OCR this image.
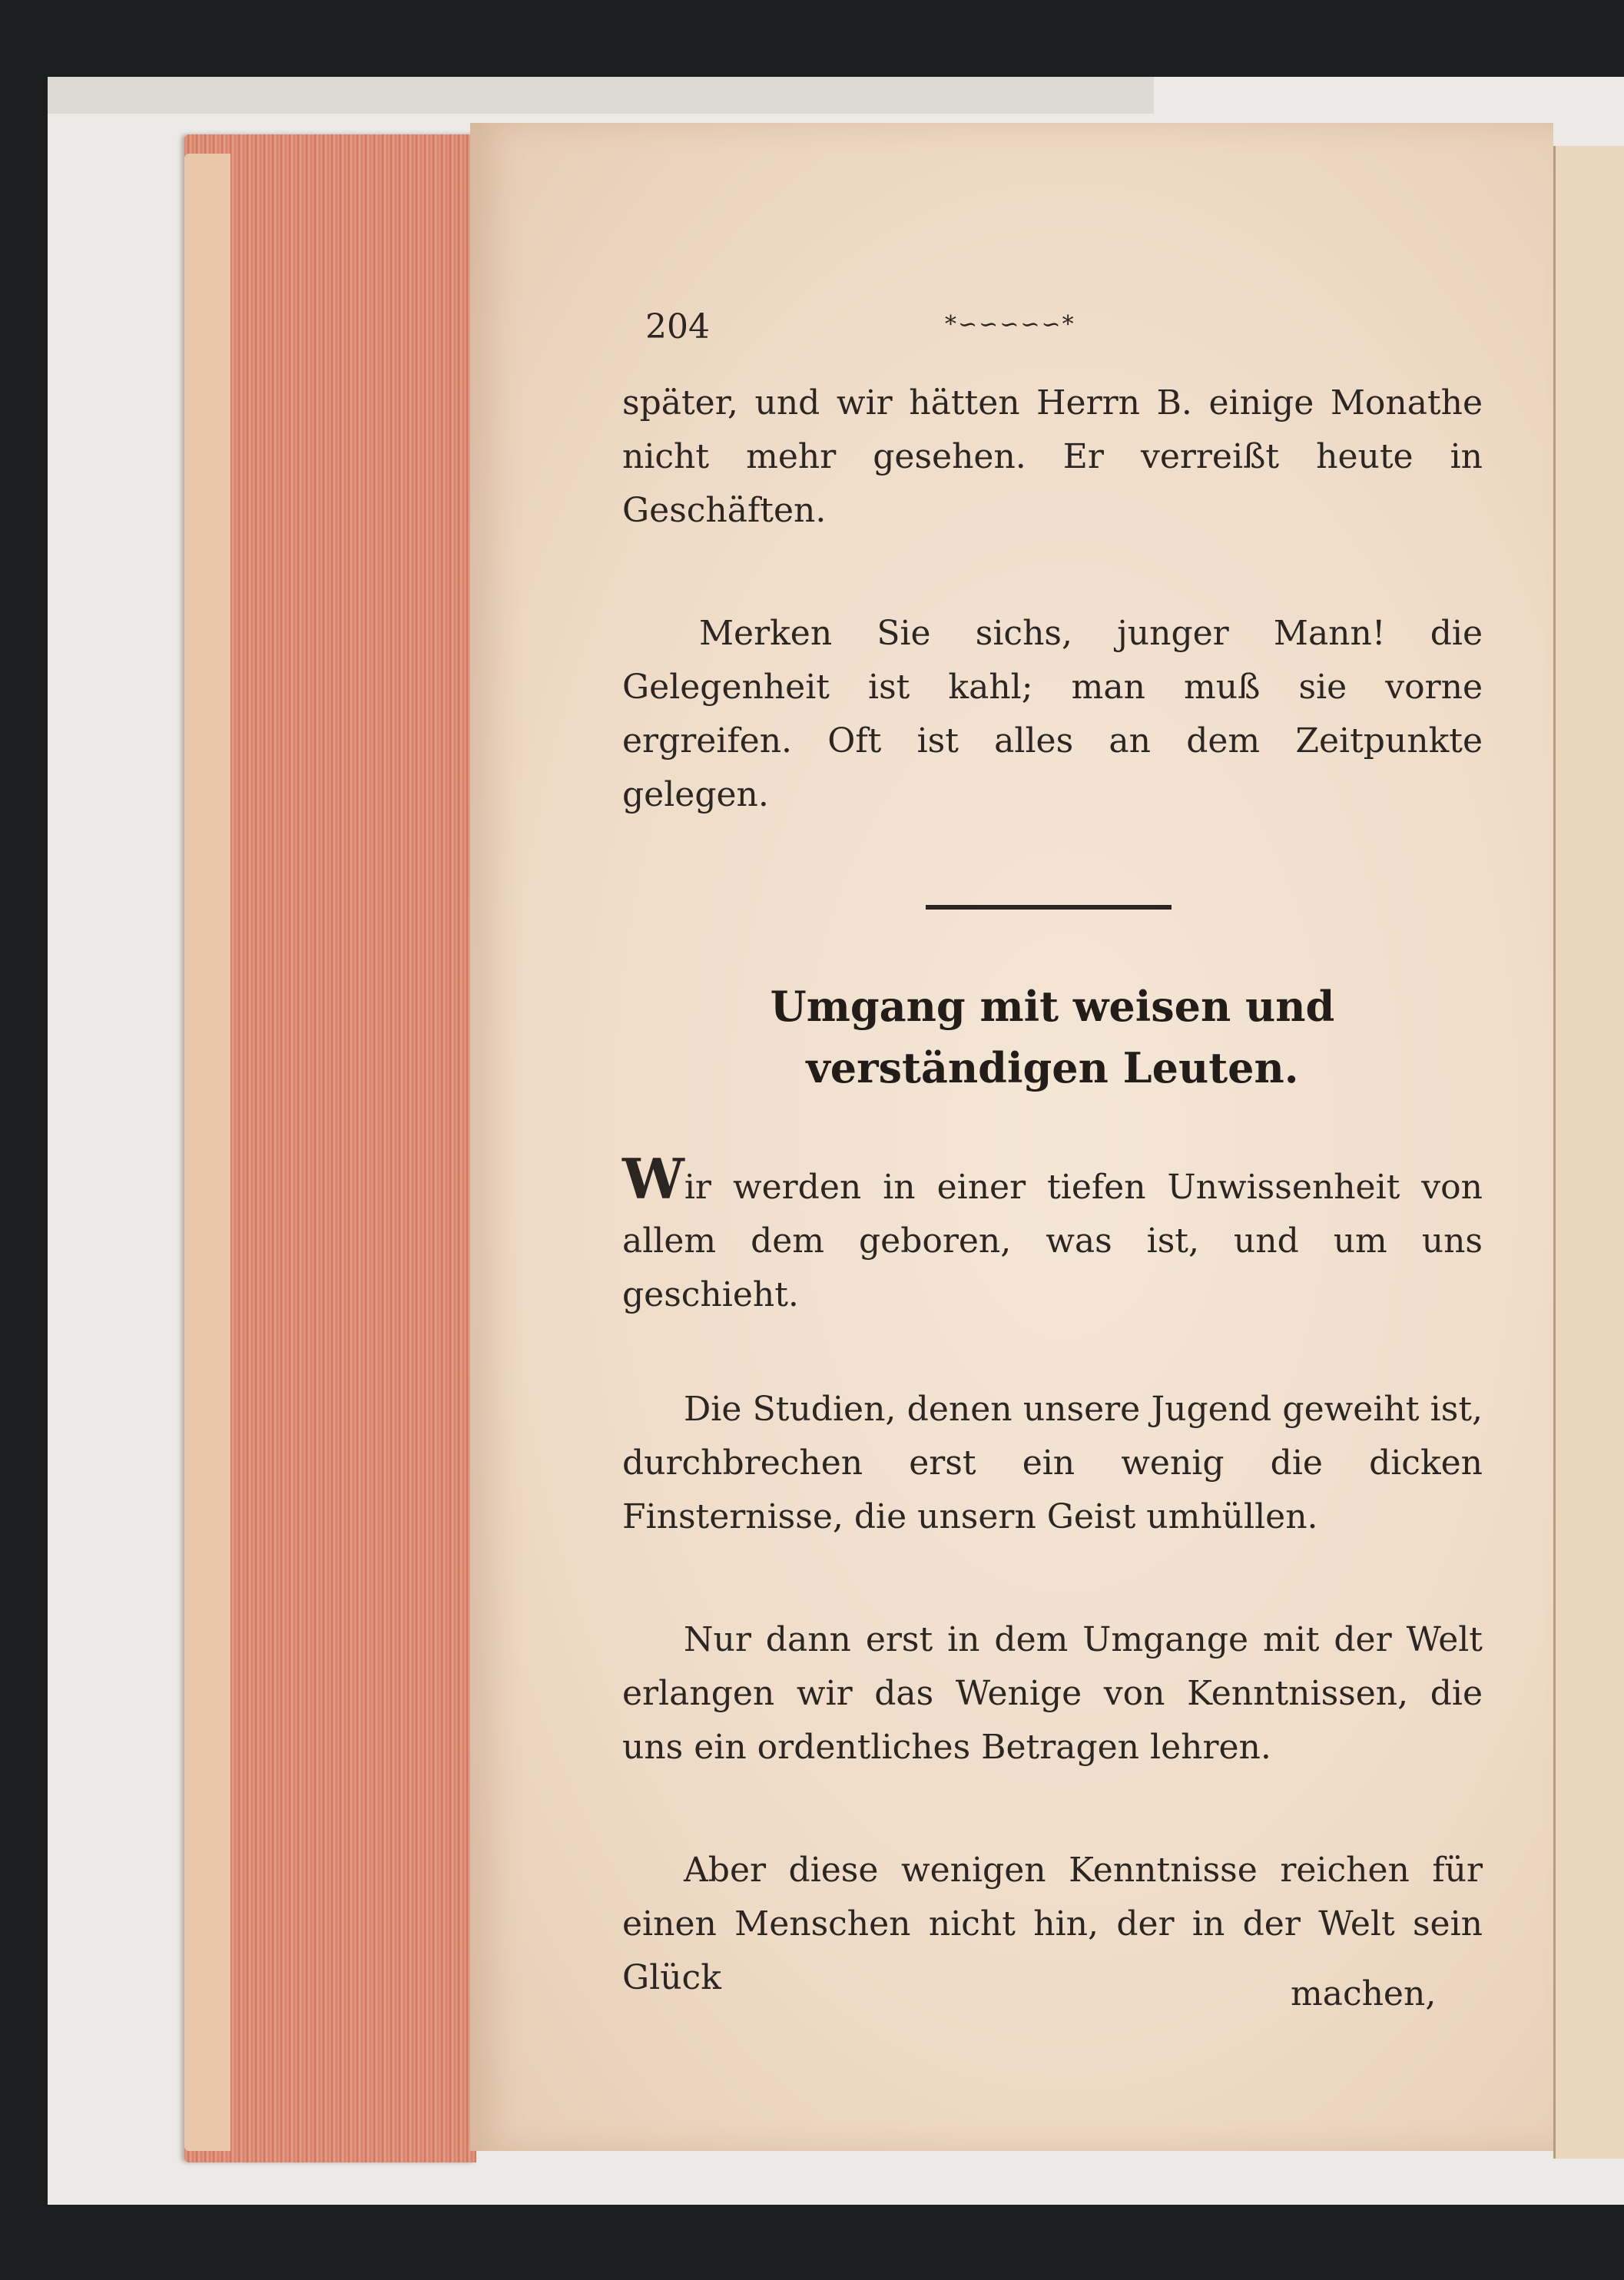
204	*∽∽∽∽∽*
später, und wir hätten Herrn B. einige Monathe nicht mehr gesehen. Er verreißt heute in Geschäften.
Merken Sie sichs, junger Mann! die Gelegenheit ist kahl; man muß sie vorne ergreifen. Oft ist alles an dem Zeitpunkte gelegen.
Umgang mit weisen und verständigen Leuten.
Wir werden in einer tiefen Unwissenheit von allem dem geboren, was ist, und um uns geschieht.
Die Studien, denen unsere Jugend geweiht ist, durchbrechen erst ein wenig die dicken Finsternisse, die unsern Geist umhüllen.
Nur dann erst in dem Umgange mit der Welt erlangen wir das Wenige von Kenntnissen, die uns ein ordentliches Betragen lehren.
Aber diese wenigen Kenntnisse reichen für einen Menschen nicht hin, der in der Welt sein Glück	machen,
